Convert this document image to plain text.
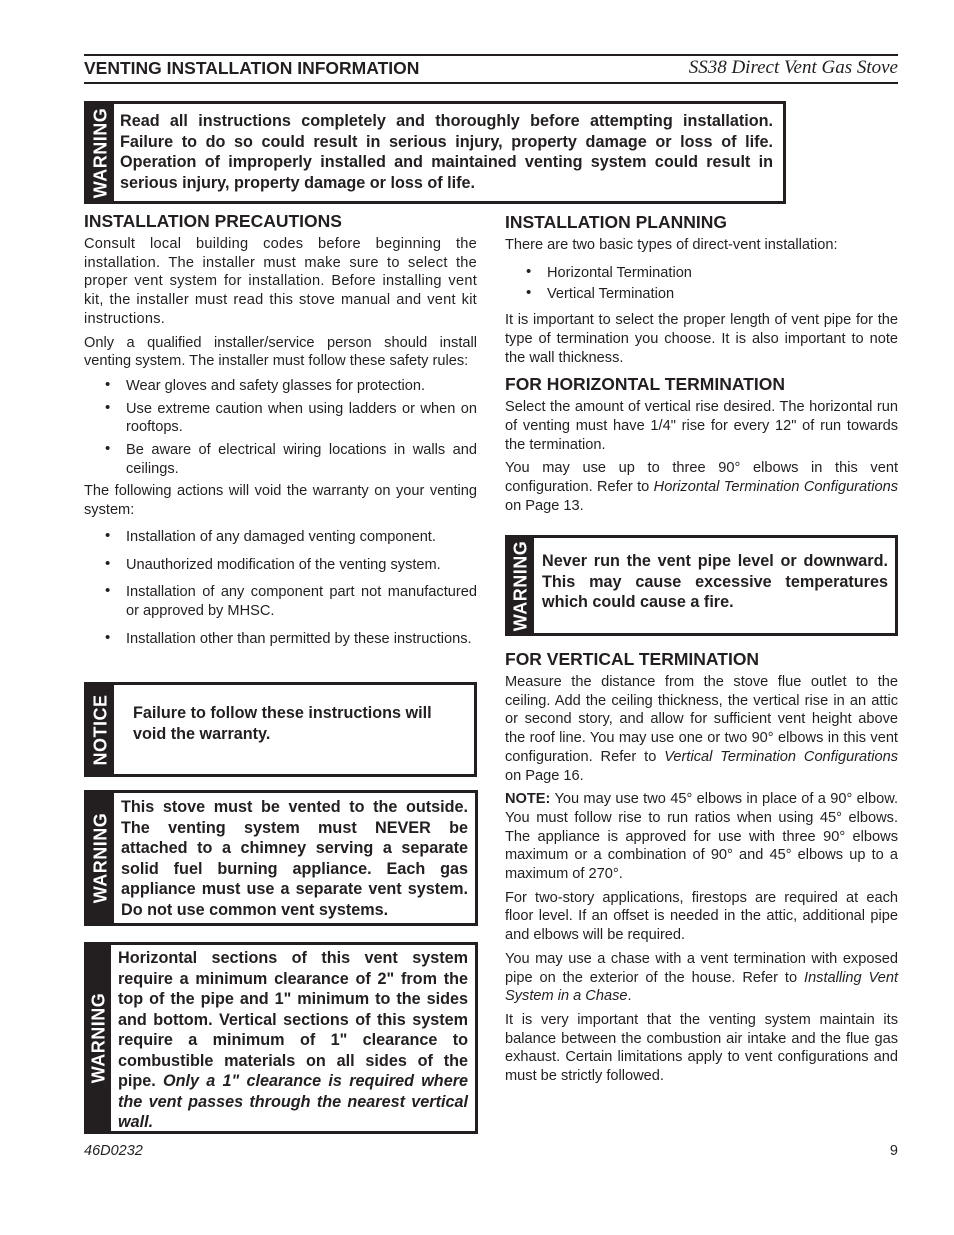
VENTING INSTALLATION INFORMATION	SS38 Direct Vent Gas Stove
WARNING Read all instructions completely and thoroughly before attempting installation. Failure to do so could result in serious injury, property damage or loss of life. Operation of improperly installed and maintained venting system could result in serious injury, property damage or loss of life.
INSTALLATION PRECAUTIONS

Consult local building codes before beginning the installation. The installer must make sure to select the proper vent system for installation. Before installing vent kit, the installer must read this stove manual and vent kit instructions.

Only a qualified installer/service person should install venting system. The installer must follow these safety rules:

• Wear gloves and safety glasses for protection.
• Use extreme caution when using ladders or when on rooftops.
• Be aware of electrical wiring locations in walls and ceilings.

The following actions will void the warranty on your venting system:

• Installation of any damaged venting component.
• Unauthorized modification of the venting system.
• Installation of any component part not manufactured or approved by MHSC.
• Installation other than permitted by these instructions.
NOTICE Failure to follow these instructions will void the warranty.
WARNING
This stove must be vented to the outside. The venting system must NEVER be attached to a chimney serving a separate solid fuel burning appliance. Each gas appliance must use a separate vent system. Do not use common vent systems.
WARNING
Horizontal sections of this vent system require a minimum clearance of 2" from the top of the pipe and 1" minimum to the sides and bottom. Vertical sections of this system require a minimum of 1" clearance to combustible materials on all sides of the pipe. Only a 1" clearance is required where the vent passes through the nearest vertical wall.
INSTALLATION PLANNING

There are two basic types of direct-vent installation:

• Horizontal Termination
• Vertical Termination

It is important to select the proper length of vent pipe for the type of termination you choose. It is also important to note the wall thickness.

FOR HORIZONTAL TERMINATION

Select the amount of vertical rise desired. The horizontal run of venting must have 1/4" rise for every 12" of run towards the termination.

You may use up to three 90° elbows in this vent configuration. Refer to Horizontal Termination Configurations on Page 13.

WARNING Never run the vent pipe level or downward. This may cause excessive temperatures which could cause a fire.
FOR VERTICAL TERMINATION

Measure the distance from the stove flue outlet to the ceiling. Add the ceiling thickness, the vertical rise in an attic or second story, and allow for sufficient vent height above the roof line. You may use one or two 90° elbows in this vent configuration. Refer to Vertical Termination Configurations on Page 16.

NOTE: You may use two 45° elbows in place of a 90° elbow. You must follow rise to run ratios when using 45° elbows. The appliance is approved for use with three 90° elbows maximum or a combination of 90° and 45° elbows up to a maximum of 270°.

For two-story applications, firestops are required at each floor level. If an offset is needed in the attic, additional pipe and elbows will be required.

You may use a chase with a vent termination with exposed pipe on the exterior of the house. Refer to Installing Vent System in a Chase.

It is very important that the venting system maintain its balance between the combustion air intake and the flue gas exhaust. Certain limitations apply to vent configurations and must be strictly followed.

46D0232	9
